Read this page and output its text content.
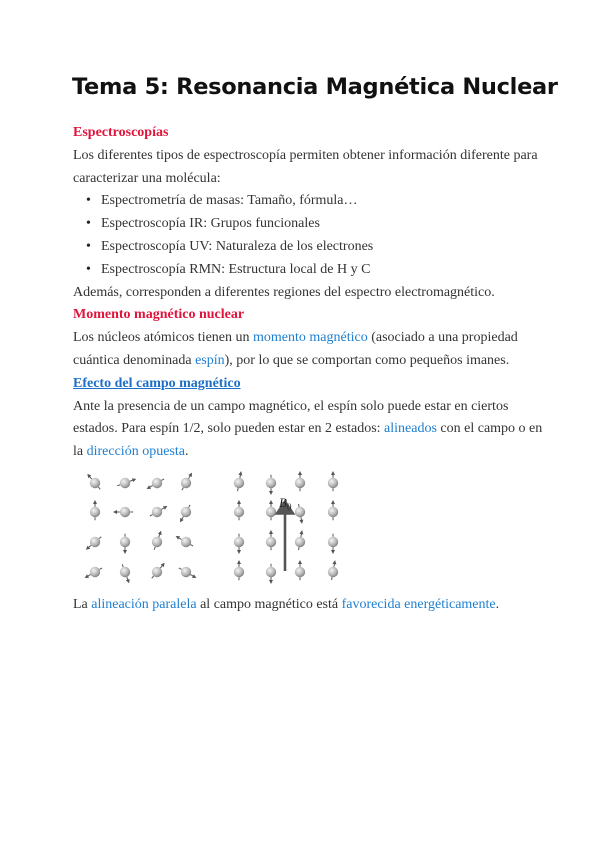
Tema 5: Resonancia Magnética Nuclear

Espectroscopías

Los diferentes tipos de espectroscopía permiten obtener información diferente para caracterizar una molécula:

• Espectrometría de masas: Tamaño, fórmula…
• Espectroscopía IR: Grupos funcionales
• Espectroscopía UV: Naturaleza de los electrones
• Espectroscopía RMN: Estructura local de H y C

Además, corresponden a diferentes regiones del espectro electromagnético.

Momento magnético nuclear

Los núcleos atómicos tienen un momento magnético (asociado a una propiedad cuántica denominada espín), por lo que se comportan como pequeños imanes.

Efecto del campo magnético

Ante la presencia de un campo magnético, el espín solo puede estar en ciertos estados. Para espín 1/2, solo pueden estar en 2 estados: alineados con el campo o en la dirección opuesta.

$B_0$

La alineación paralela al campo magnético está favorecida energéticamente.
